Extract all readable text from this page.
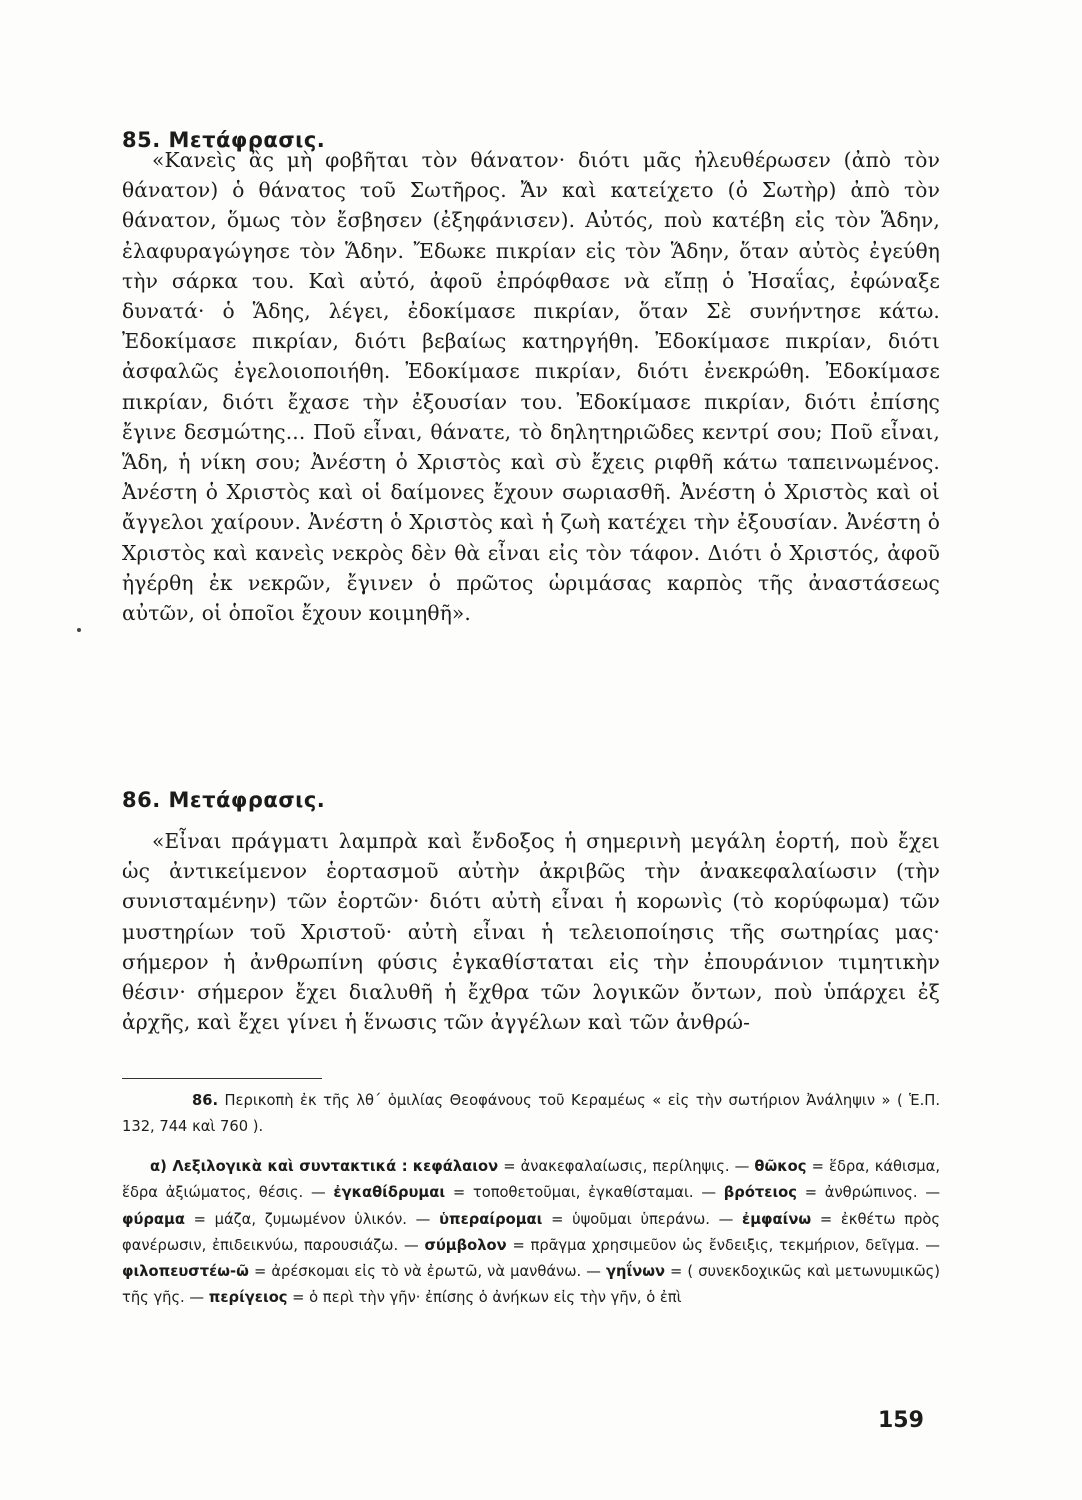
85. Μετάφρασις.

«Κανεὶς ἂς μὴ φοβῆται τὸν θάνατον· διότι μᾶς ἠλευθέρωσεν (ἀπὸ τὸν θάνατον) ὁ θάνατος τοῦ Σωτῆρος. Ἄν καὶ κατείχετο (ὁ Σωτὴρ) ἀπὸ τὸν θάνατον, ὅμως τὸν ἔσβησεν (ἐξηφάνισεν). Αὐτός, ποὺ κατέβη εἰς τὸν Ἅδην, ἐλαφυραγώγησε τὸν Ἅδην. Ἔδωκε πικρίαν εἰς τὸν Ἅδην, ὅταν αὐτὸς ἐγεύθη τὴν σάρκα του. Καὶ αὐτό, ἀφοῦ ἐπρόφθασε νὰ εἴπῃ ὁ Ἠσαΐας, ἐφώναξε δυνατά· ὁ Ἅδης, λέγει, ἐδοκίμασε πικρίαν, ὅταν Σὲ συνήντησε κάτω. Ἐδοκίμασε πικρίαν, διότι βεβαίως κατηργήθη. Ἐδοκίμασε πικρίαν, διότι ἀσφαλῶς ἐγελοιοποιήθη. Ἐδοκίμασε πικρίαν, διότι ἐνεκρώθη. Ἐδοκίμασε πικρίαν, διότι ἔχασε τὴν ἐξουσίαν του. Ἐδοκίμασε πικρίαν, διότι ἐπίσης ἔγινε δεσμώτης... Ποῦ εἶναι, θάνατε, τὸ δηλητηριῶδες κεντρί σου; Ποῦ εἶναι, Ἅδη, ἡ νίκη σου; Ἀνέστη ὁ Χριστὸς καὶ σὺ ἔχεις ριφθῆ κάτω ταπεινωμένος. Ἀνέστη ὁ Χριστὸς καὶ οἱ δαίμονες ἔχουν σωριασθῆ. Ἀνέστη ὁ Χριστὸς καὶ οἱ ἄγγελοι χαίρουν. Ἀνέστη ὁ Χριστὸς καὶ ἡ ζωὴ κατέχει τὴν ἐξουσίαν. Ἀνέστη ὁ Χριστὸς καὶ κανεὶς νεκρὸς δὲν θὰ εἶναι εἰς τὸν τάφον. Διότι ὁ Χριστός, ἀφοῦ ἠγέρθη ἐκ νεκρῶν, ἔγινεν ὁ πρῶτος ὡριμάσας καρπὸς τῆς ἀναστάσεως αὐτῶν, οἱ ὁποῖοι ἔχουν κοιμηθῆ».

86. Μετάφρασις.

«Εἶναι πράγματι λαμπρὰ καὶ ἔνδοξος ἡ σημερινὴ μεγάλη ἑορτή, ποὺ ἔχει ὡς ἀντικείμενον ἑορτασμοῦ αὐτὴν ἀκριβῶς τὴν ἀνακεφαλαίωσιν (τὴν συνισταμένην) τῶν ἑορτῶν· διότι αὐτὴ εἶναι ἡ κορωνὶς (τὸ κορύφωμα) τῶν μυστηρίων τοῦ Χριστοῦ· αὐτὴ εἶναι ἡ τελειοποίησις τῆς σωτηρίας μας· σήμερον ἡ ἀνθρωπίνη φύσις ἐγκαθίσταται εἰς τὴν ἐπουράνιον τιμητικὴν θέσιν· σήμερον ἔχει διαλυθῆ ἡ ἔχθρα τῶν λογικῶν ὄντων, ποὺ ὑπάρχει ἐξ ἀρχῆς, καὶ ἔχει γίνει ἡ ἕνωσις τῶν ἀγγέλων καὶ τῶν ἀνθρώ-

86. Περικοπὴ ἐκ τῆς λθ΄ ὁμιλίας Θεοφάνους τοῦ Κεραμέως « εἰς τὴν σωτήριον Ἀνάληψιν » ( Ἑ.Π. 132, 744 καὶ 760 ).

α) Λεξιλογικὰ καὶ συντακτικά : κεφάλαιον = ἀνακεφαλαίωσις, περίληψις. — θῶκος = ἕδρα, κάθισμα, ἕδρα ἀξιώματος, θέσις. — ἐγκαθίδρυμαι = τοποθετοῦμαι, ἐγκαθίσταμαι. — βρότειος = ἀνθρώπινος. — φύραμα = μάζα, ζυμωμένον ὑλικόν. — ὑπεραίρομαι = ὑψοῦμαι ὑπεράνω. — ἐμφαίνω = ἐκθέτω πρὸς φανέρωσιν, ἐπιδεικνύω, παρουσιάζω. — σύμβολον = πρᾶγμα χρησιμεῦον ὡς ἔνδειξις, τεκμήριον, δεῖγμα. — φιλοπευστέω-ῶ = ἀρέσκομαι εἰς τὸ νὰ ἐρωτῶ, νὰ μανθάνω. — γηΐνων = ( συνεκδοχικῶς καὶ μετωνυμικῶς) τῆς γῆς. — περίγειος = ὁ περὶ τὴν γῆν· ἐπίσης ὁ ἀνήκων εἰς τὴν γῆν, ὁ ἐπὶ

159
